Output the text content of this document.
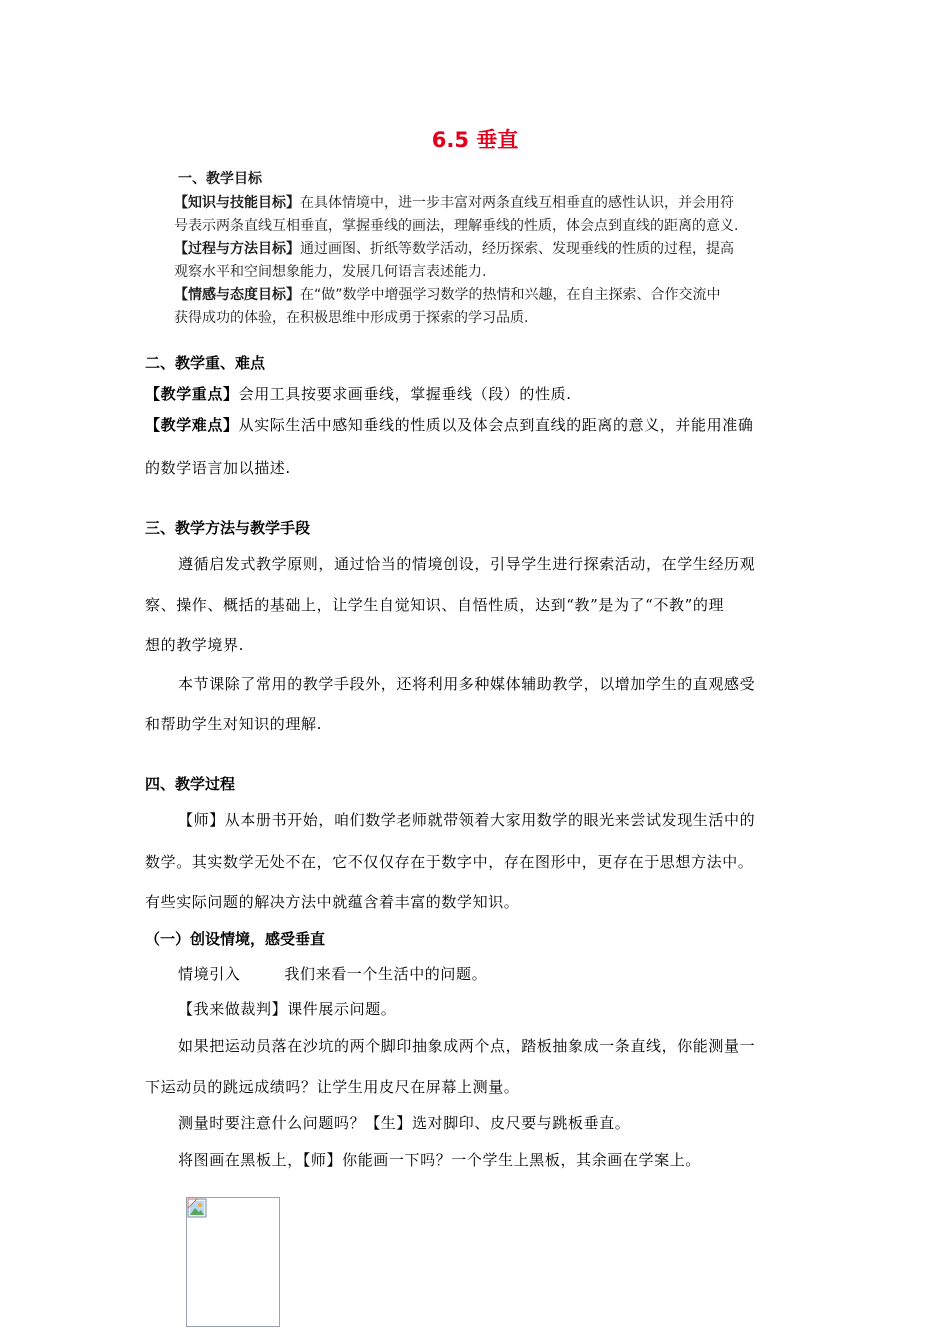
6.5 垂直

一、教学目标

【知识与技能目标】在具体情境中，进一步丰富对两条直线互相垂直的感性认识，并会用符

号表示两条直线互相垂直，掌握垂线的画法，理解垂线的性质，体会点到直线的距离的意义.

【过程与方法目标】通过画图、折纸等数学活动，经历探索、发现垂线的性质的过程，提高

观察水平和空间想象能力，发展几何语言表述能力.

【情感与态度目标】在“做”数学中增强学习数学的热情和兴趣，在自主探索、合作交流中

获得成功的体验，在积极思维中形成勇于探索的学习品质.

二、教学重、难点
【教学重点】会用工具按要求画垂线，掌握垂线（段）的性质.
【教学难点】从实际生活中感知垂线的性质以及体会点到直线的距离的意义，并能用准确
的数学语言加以描述.
三、教学方法与教学手段
遵循启发式教学原则，通过恰当的情境创设，引导学生进行探索活动，在学生经历观
察、操作、概括的基础上，让学生自觉知识、自悟性质，达到“教”是为了“不教”的理
想的教学境界.
本节课除了常用的教学手段外，还将利用多种媒体辅助教学，以增加学生的直观感受
和帮助学生对知识的理解.
四、教学过程
【师】从本册书开始，咱们数学老师就带领着大家用数学的眼光来尝试发现生活中的
数学。其实数学无处不在，它不仅仅存在于数字中，存在图形中，更存在于思想方法中。
有些实际问题的解决方法中就蕴含着丰富的数学知识。
（一）创设情境，感受垂直
情境引入	我们来看一个生活中的问题。
【我来做裁判】课件展示问题。
如果把运动员落在沙坑的两个脚印抽象成两个点，踏板抽象成一条直线，你能测量一
下运动员的跳远成绩吗？让学生用皮尺在屏幕上测量。
测量时要注意什么问题吗？【生】选对脚印、皮尺要与跳板垂直。
将图画在黑板上，【师】你能画一下吗？一个学生上黑板，其余画在学案上。
